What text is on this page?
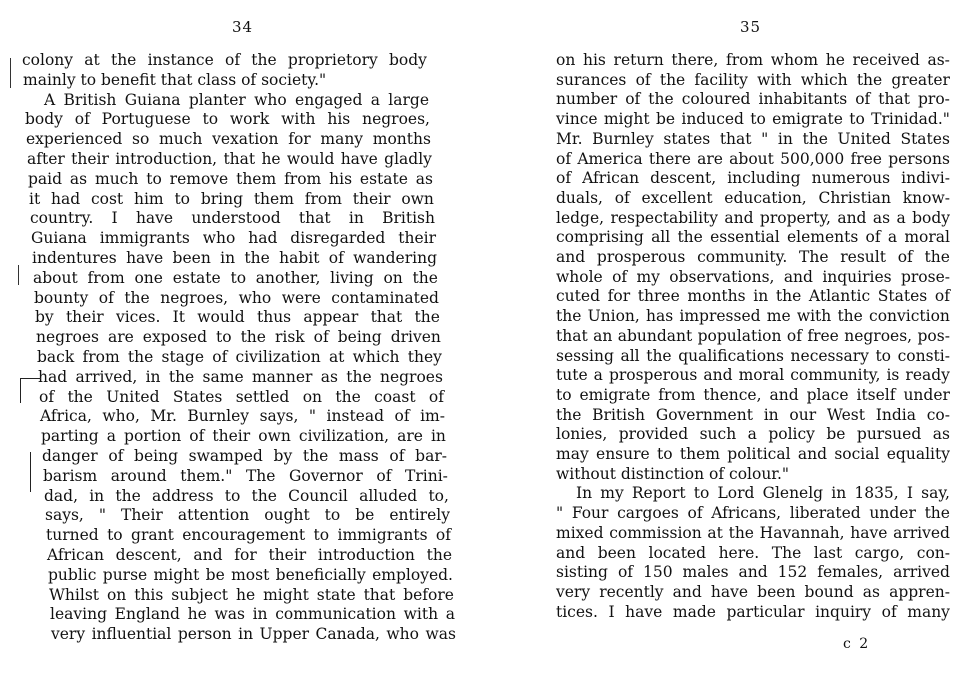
34
colony at the instance of the proprietory body
mainly to benefit that class of society."
A British Guiana planter who engaged a large
body of Portuguese to work with his negroes,
experienced so much vexation for many months
after their introduction, that he would have gladly
paid as much to remove them from his estate as
it had cost him to bring them from their own
country. I have understood that in British
Guiana immigrants who had disregarded their
indentures have been in the habit of wandering
about from one estate to another, living on the
bounty of the negroes, who were contaminated
by their vices. It would thus appear that the
negroes are exposed to the risk of being driven
back from the stage of civilization at which they
had arrived, in the same manner as the negroes
of the United States settled on the coast of
Africa, who, Mr. Burnley says, " instead of im-
parting a portion of their own civilization, are in
danger of being swamped by the mass of bar-
barism around them." The Governor of Trini-
dad, in the address to the Council alluded to,
says, " Their attention ought to be entirely
turned to grant encouragement to immigrants of
African descent, and for their introduction the
public purse might be most beneficially employed.
Whilst on this subject he might state that before
leaving England he was in communication with a
very influential person in Upper Canada, who was
35
on his return there, from whom he received as-
surances of the facility with which the greater
number of the coloured inhabitants of that pro-
vince might be induced to emigrate to Trinidad."
Mr. Burnley states that " in the United States
of America there are about 500,000 free persons
of African descent, including numerous indivi-
duals, of excellent education, Christian know-
ledge, respectability and property, and as a body
comprising all the essential elements of a moral
and prosperous community. The result of the
whole of my observations, and inquiries prose-
cuted for three months in the Atlantic States of
the Union, has impressed me with the conviction
that an abundant population of free negroes, pos-
sessing all the qualifications necessary to consti-
tute a prosperous and moral community, is ready
to emigrate from thence, and place itself under
the British Government in our West India co-
lonies, provided such a policy be pursued as
may ensure to them political and social equality
without distinction of colour."
In my Report to Lord Glenelg in 1835, I say,
" Four cargoes of Africans, liberated under the
mixed commission at the Havannah, have arrived
and been located here. The last cargo, con-
sisting of 150 males and 152 females, arrived
very recently and have been bound as appren-
tices. I have made particular inquiry of many
c 2
